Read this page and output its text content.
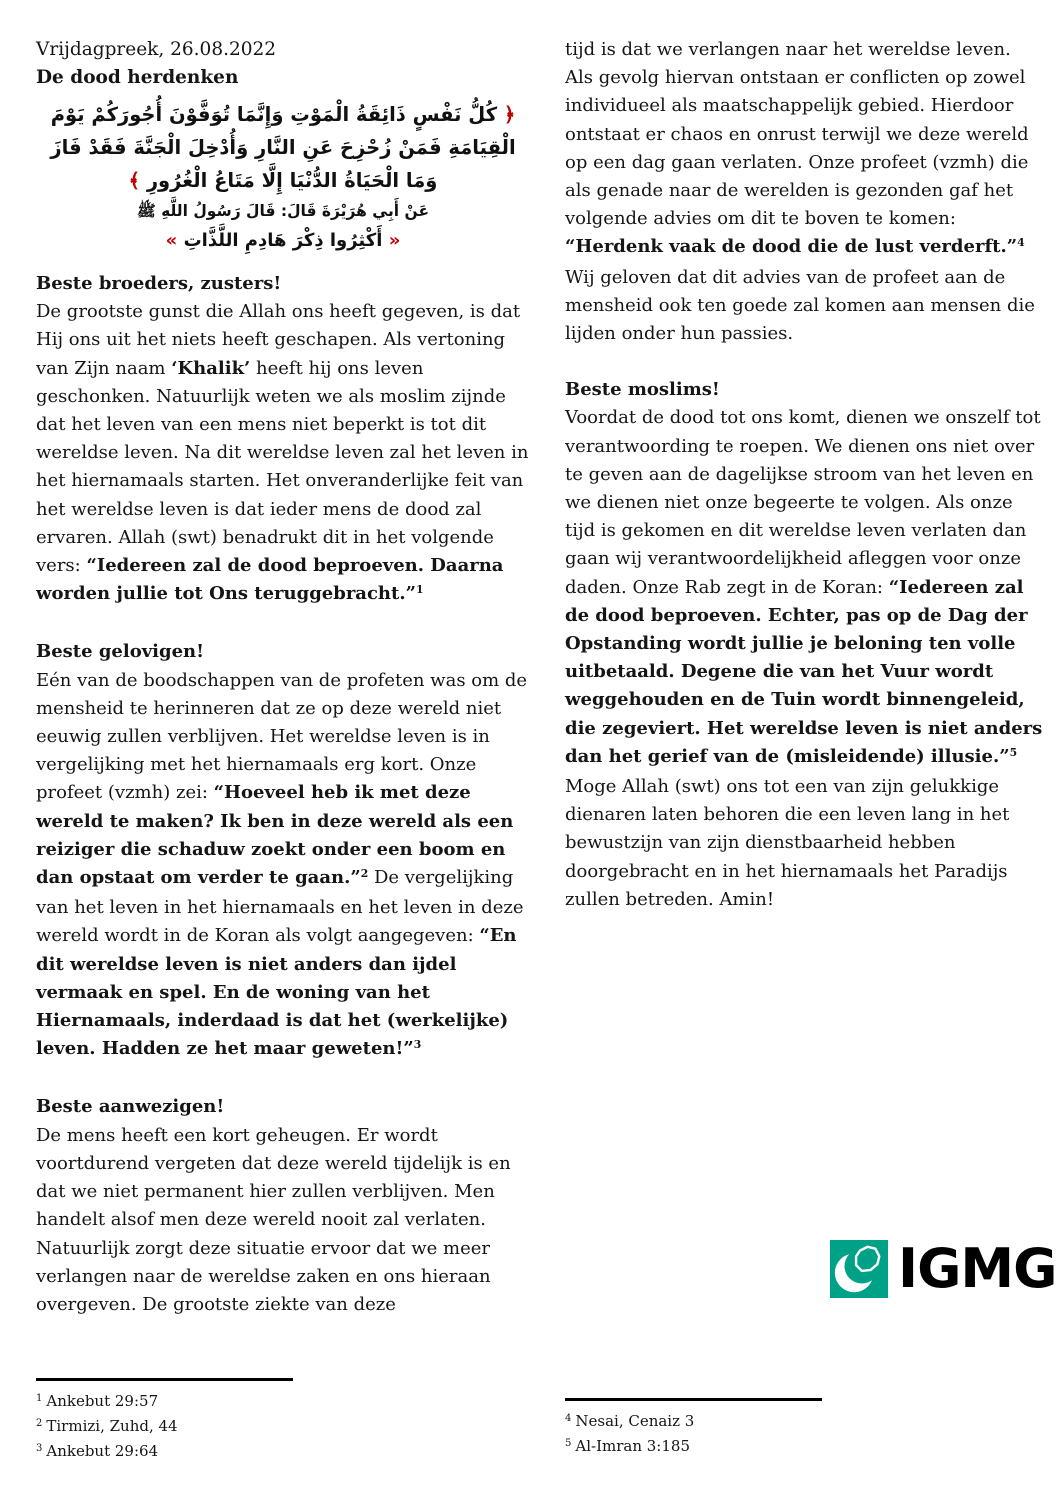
Vrijdagpreek, 26.08.2022
De dood herdenken
﴿ كُلُّ نَفْسٍ ذَائِقَةُ الْمَوْتِ وَإِنَّمَا تُوَفَّوْنَ أُجُورَكُمْ يَوْمَ الْقِيَامَةِ فَمَنْ زُحْزِحَ عَنِ النَّارِ وَأُدْخِلَ الْجَنَّةَ فَقَدْ فَازَ وَمَا الْحَيَاةُ الدُّنْيَا إِلَّا مَتَاعُ الْغُرُورِ ﴾
عَنْ أَبِي هُرَيْرَةَ قَالَ: قَالَ رَسُولُ اللَّهِ ﷺ
« أَكْثِرُوا ذِكْرَ هَادِمِ اللَّذَّاتِ »
Beste broeders, zusters!

De grootste gunst die Allah ons heeft gegeven, is dat Hij ons uit het niets heeft geschapen. Als vertoning van Zijn naam ‘Khalik’ heeft hij ons leven geschonken. Natuurlijk weten we als moslim zijnde dat het leven van een mens niet beperkt is tot dit wereldse leven. Na dit wereldse leven zal het leven in het hiernamaals starten. Het onveranderlijke feit van het wereldse leven is dat ieder mens de dood zal ervaren. Allah (swt) benadrukt dit in het volgende vers: “Iedereen zal de dood beproeven. Daarna worden jullie tot Ons teruggebracht.”$^1$

Beste gelovigen!

Eén van de boodschappen van de profeten was om de mensheid te herinneren dat ze op deze wereld niet eeuwig zullen verblijven. Het wereldse leven is in vergelijking met het hiernamaals erg kort. Onze profeet (vzmh) zei: “Hoeveel heb ik met deze wereld te maken? Ik ben in deze wereld als een reiziger die schaduw zoekt onder een boom en dan opstaat om verder te gaan.”$^2$ De vergelijking van het leven in het hiernamaals en het leven in deze wereld wordt in de Koran als volgt aangegeven: “En dit wereldse leven is niet anders dan ijdel vermaak en spel. En de woning van het Hiernamaals, inderdaad is dat het (werkelijke) leven. Hadden ze het maar geweten!”$^3$

Beste aanwezigen!

De mens heeft een kort geheugen. Er wordt voortdurend vergeten dat deze wereld tijdelijk is en dat we niet permanent hier zullen verblijven. Men handelt alsof men deze wereld nooit zal verlaten. Natuurlijk zorgt deze situatie ervoor dat we meer verlangen naar de wereldse zaken en ons hieraan overgeven. De grootste ziekte van deze

tijd is dat we verlangen naar het wereldse leven. Als gevolg hiervan ontstaan er conflicten op zowel individueel als maatschappelijk gebied. Hierdoor ontstaat er chaos en onrust terwijl we deze wereld op een dag gaan verlaten. Onze profeet (vzmh) die als genade naar de werelden is gezonden gaf het volgende advies om dit te boven te komen: “Herdenk vaak de dood die de lust verderft.”$^4$ Wij geloven dat dit advies van de profeet aan de mensheid ook ten goede zal komen aan mensen die lijden onder hun passies.

Beste moslims!

Voordat de dood tot ons komt, dienen we onszelf tot verantwoording te roepen. We dienen ons niet over te geven aan de dagelijkse stroom van het leven en we dienen niet onze begeerte te volgen. Als onze tijd is gekomen en dit wereldse leven verlaten dan gaan wij verantwoordelijkheid afleggen voor onze daden. Onze Rab zegt in de Koran: “Iedereen zal de dood beproeven. Echter, pas op de Dag der Opstanding wordt jullie je beloning ten volle uitbetaald. Degene die van het Vuur wordt weggehouden en de Tuin wordt binnengeleid, die zegeviert. Het wereldse leven is niet anders dan het gerief van de (misleidende) illusie.”$^5$

Moge Allah (swt) ons tot een van zijn gelukkige dienaren laten behoren die een leven lang in het bewustzijn van zijn dienstbaarheid hebben doorgebracht en in het hiernamaals het Paradijs zullen betreden. Amin!

$^1$ Ankebut 29:57
$^2$ Tirmizi, Zuhd, 44
$^3$ Ankebut 29:64
$^4$ Nesai, Cenaiz 3
$^5$ Al-Imran 3:185
IGMG
